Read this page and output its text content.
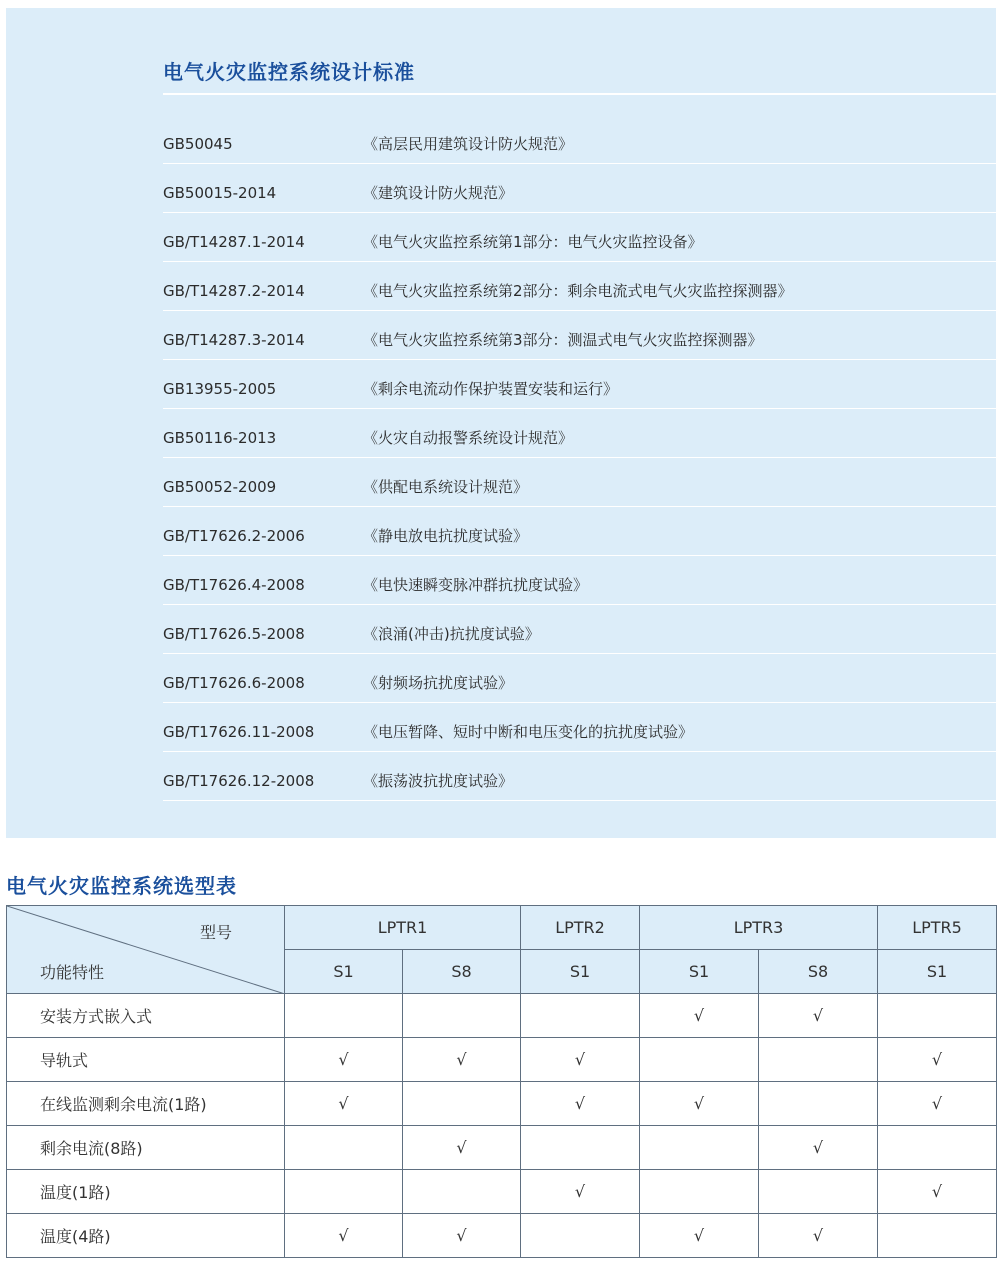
电气火灾监控系统设计标准
GB50045	《高层民用建筑设计防火规范》
GB50015-2014	《建筑设计防火规范》
GB/T14287.1-2014	《电气火灾监控系统第1部分：电气火灾监控设备》
GB/T14287.2-2014	《电气火灾监控系统第2部分：剩余电流式电气火灾监控探测器》
GB/T14287.3-2014	《电气火灾监控系统第3部分：测温式电气火灾监控探测器》
GB13955-2005	《剩余电流动作保护装置安装和运行》
GB50116-2013	《火灾自动报警系统设计规范》
GB50052-2009	《供配电系统设计规范》
GB/T17626.2-2006	《静电放电抗扰度试验》
GB/T17626.4-2008	《电快速瞬变脉冲群抗扰度试验》
GB/T17626.5-2008	《浪涌(冲击)抗扰度试验》
GB/T17626.6-2008	《射频场抗扰度试验》
GB/T17626.11-2008	《电压暂降、短时中断和电压变化的抗扰度试验》
GB/T17626.12-2008	《振荡波抗扰度试验》
电气火灾监控系统选型表
型号
功能特性	LPTR1		LPTR2	LPTR3		LPTR5
	S1	S8	S1	S1	S8	S1
安装方式嵌入式				√	√	
导轨式	√	√	√			√
在线监测剩余电流(1路)	√		√	√		√
剩余电流(8路)		√			√	
温度(1路)			√			√
温度(4路)	√	√		√	√	
